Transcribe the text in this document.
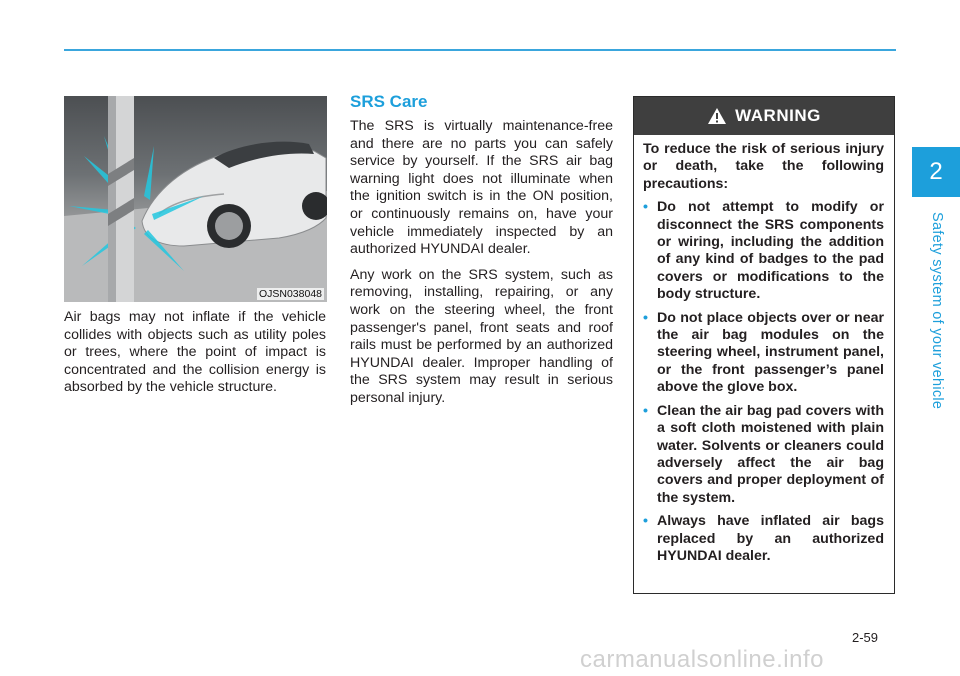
2
Safety system of your vehicle
OJSN038048

Air bags may not inflate if the vehicle collides with objects such as utility poles or trees, where the point of impact is concentrated and the collision energy is absorbed by the vehicle structure.

SRS Care

The SRS is virtually maintenance-free and there are no parts you can safely service by yourself. If the SRS air bag warning light does not illuminate when the ignition switch is in the ON position, or continuously remains on, have your vehicle immediately inspected by an authorized HYUNDAI dealer.

Any work on the SRS system, such as removing, installing, repairing, or any work on the steering wheel, the front passenger's panel, front seats and roof rails must be performed by an authorized HYUNDAI dealer. Improper handling of the SRS system may result in serious personal injury.

WARNING

To reduce the risk of serious injury or death, take the following precautions:

• Do not attempt to modify or disconnect the SRS components or wiring, including the addition of any kind of badges to the pad covers or modifications to the body structure.
• Do not place objects over or near the air bag modules on the steering wheel, instrument panel, or the front passenger’s panel above the glove box.
• Clean the air bag pad covers with a soft cloth moistened with plain water. Solvents or cleaners could adversely affect the air bag covers and proper deployment of the system.
• Always have inflated air bags replaced by an authorized HYUNDAI dealer.
2-59
carmanualsonline.info
